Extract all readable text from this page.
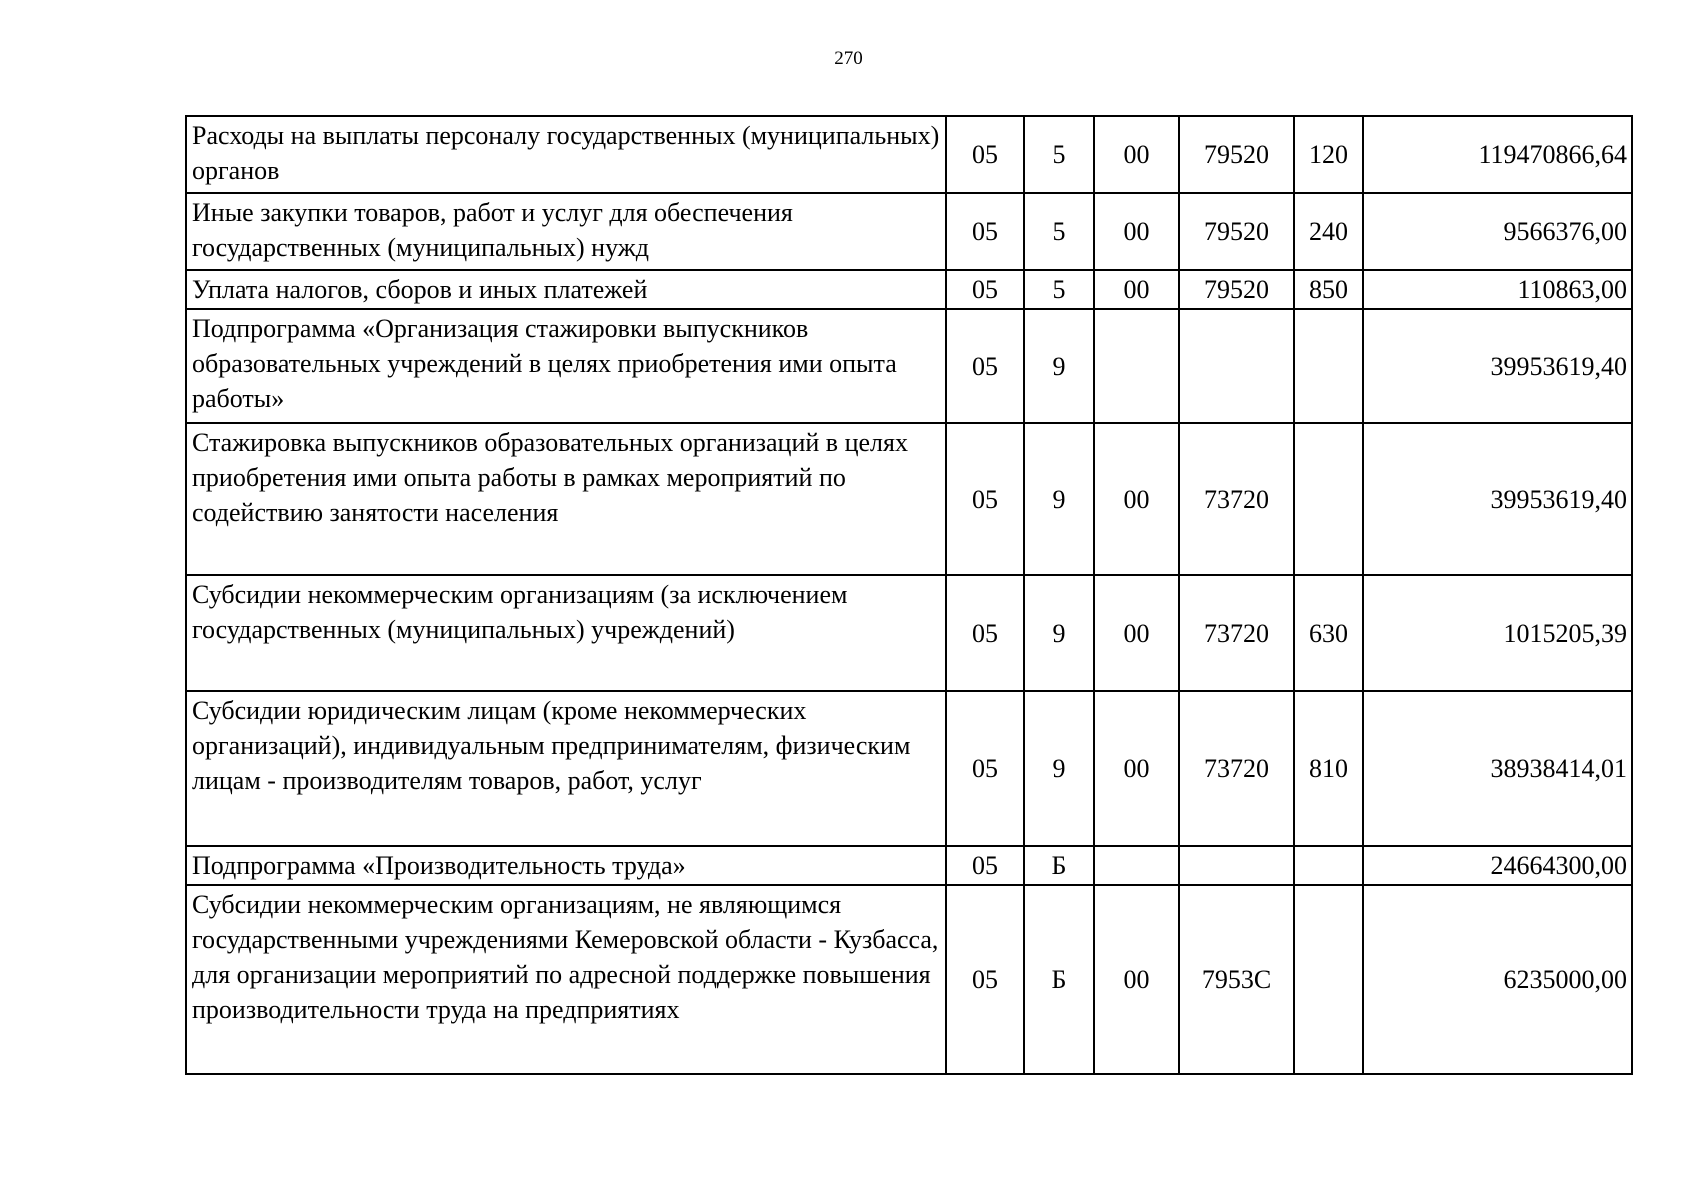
270
Расходы на выплаты персоналу государственных (муниципальных) органов	05	5	00	79520	120	119470866,64
Иные закупки товаров, работ и услуг для обеспечения государственных (муниципальных) нужд	05	5	00	79520	240	9566376,00
Уплата налогов, сборов и иных платежей	05	5	00	79520	850	110863,00
Подпрограмма «Организация стажировки выпускников образовательных учреждений в целях приобретения ими опыта работы»	05	9				39953619,40
Стажировка выпускников образовательных организаций в целях приобретения ими опыта работы в рамках мероприятий по содействию занятости населения	05	9	00	73720		39953619,40
Субсидии некоммерческим организациям (за исключением государственных (муниципальных) учреждений)	05	9	00	73720	630	1015205,39
Субсидии юридическим лицам (кроме некоммерческих организаций), индивидуальным предпринимателям, физическим лицам - производителям товаров, работ, услуг	05	9	00	73720	810	38938414,01
Подпрограмма «Производительность труда»	05	Б				24664300,00
Субсидии некоммерческим организациям, не являющимся государственными учреждениями Кемеровской области - Кузбасса, для организации мероприятий по адресной поддержке повышения производительности труда на предприятиях	05	Б	00	7953С		6235000,00
